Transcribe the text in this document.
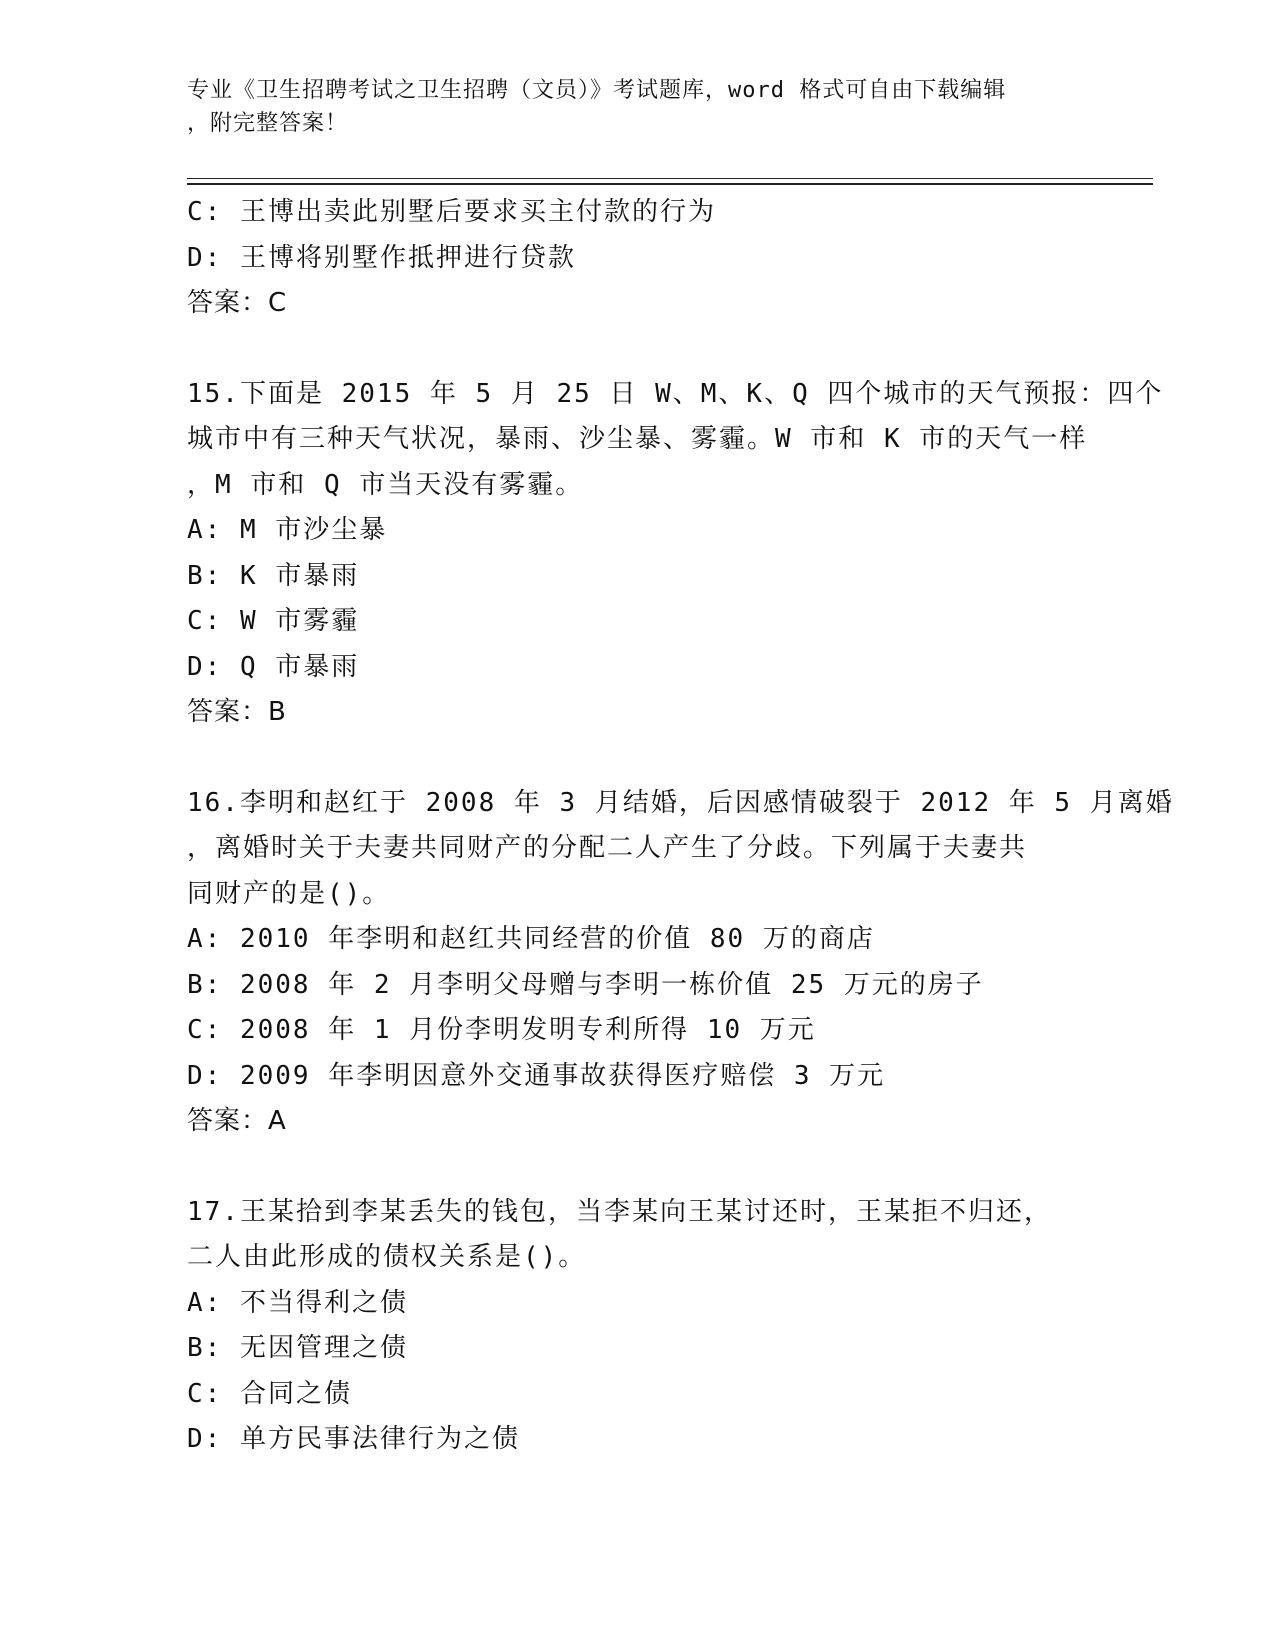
专业《卫生招聘考试之卫生招聘（文员）》考试题库，word 格式可自由下载编辑
，附完整答案！
C: 王博出卖此别墅后要求买主付款的行为
D: 王博将别墅作抵押进行贷款
答案：C
15.下面是 2015 年 5 月 25 日 W、M、K、Q 四个城市的天气预报：四个
城市中有三种天气状况，暴雨、沙尘暴、雾霾。W 市和 K 市的天气一样
，M 市和 Q 市当天没有雾霾。
A: M 市沙尘暴
B: K 市暴雨
C: W 市雾霾
D: Q 市暴雨
答案：B
16.李明和赵红于 2008 年 3 月结婚，后因感情破裂于 2012 年 5 月离婚
，离婚时关于夫妻共同财产的分配二人产生了分歧。下列属于夫妻共
同财产的是()。
A: 2010 年李明和赵红共同经营的价值 80 万的商店
B: 2008 年 2 月李明父母赠与李明一栋价值 25 万元的房子
C: 2008 年 1 月份李明发明专利所得 10 万元
D: 2009 年李明因意外交通事故获得医疗赔偿 3 万元
答案：A
17.王某拾到李某丢失的钱包，当李某向王某讨还时，王某拒不归还，
二人由此形成的债权关系是()。
A: 不当得利之债
B: 无因管理之债
C: 合同之债
D: 单方民事法律行为之债
